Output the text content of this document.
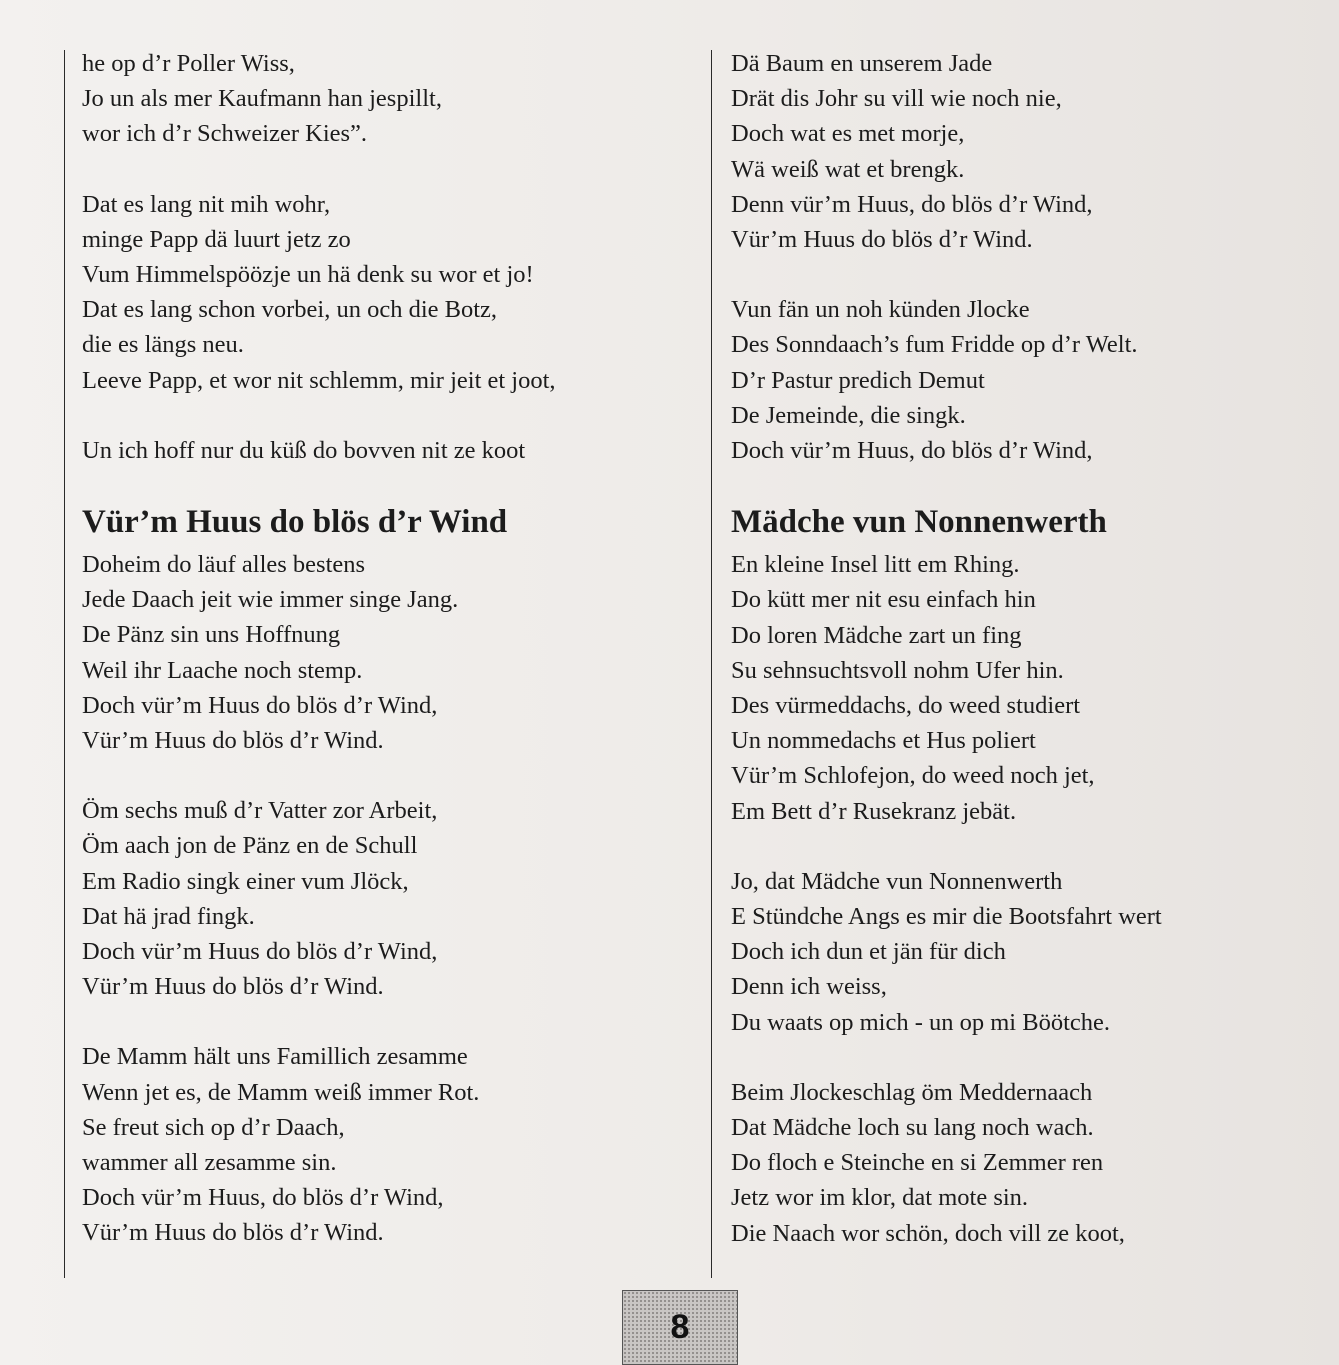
he op d’r Poller Wiss,
Jo un als mer Kaufmann han jespillt,
wor ich d’r Schweizer Kies”.
Dat es lang nit mih wohr,
minge Papp dä luurt jetz zo
Vum Himmelspöözje un hä denk su wor et jo!
Dat es lang schon vorbei, un och die Botz,
die es längs neu.
Leeve Papp, et wor nit schlemm, mir jeit et joot,
Un ich hoff nur du küß do bovven nit ze koot
Vür’m Huus do blös d’r Wind
Doheim do läuf alles bestens
Jede Daach jeit wie immer singe Jang.
De Pänz sin uns Hoffnung
Weil ihr Laache noch stemp.
Doch vür’m Huus do blös d’r Wind,
Vür’m Huus do blös d’r Wind.
Öm sechs muß d’r Vatter zor Arbeit,
Öm aach jon de Pänz en de Schull
Em Radio singk einer vum Jlöck,
Dat hä jrad fingk.
Doch vür’m Huus do blös d’r Wind,
Vür’m Huus do blös d’r Wind.
De Mamm hält uns Famillich zesamme
Wenn jet es, de Mamm weiß immer Rot.
Se freut sich op d’r Daach,
wammer all zesamme sin.
Doch vür’m Huus, do blös d’r Wind,
Vür’m Huus do blös d’r Wind.
Dä Baum en unserem Jade
Drät dis Johr su vill wie noch nie,
Doch wat es met morje,
Wä weiß wat et brengk.
Denn vür’m Huus, do blös d’r Wind,
Vür’m Huus do blös d’r Wind.
Vun fän un noh künden Jlocke
Des Sonndaach’s fum Fridde op d’r Welt.
D’r Pastur predich Demut
De Jemeinde, die singk.
Doch vür’m Huus, do blös d’r Wind,
Mädche vun Nonnenwerth
En kleine Insel litt em Rhing.
Do kütt mer nit esu einfach hin
Do loren Mädche zart un fing
Su sehnsuchtsvoll nohm Ufer hin.
Des vürmeddachs, do weed studiert
Un nommedachs et Hus poliert
Vür’m Schlofejon, do weed noch jet,
Em Bett d’r Rusekranz jebät.
Jo, dat Mädche vun Nonnenwerth
E Stündche Angs es mir die Bootsfahrt wert
Doch ich dun et jän für dich
Denn ich weiss,
Du waats op mich - un op mi Böötche.
Beim Jlockeschlag öm Meddernaach
Dat Mädche loch su lang noch wach.
Do floch e Steinche en si Zemmer ren
Jetz wor im klor, dat mote sin.
Die Naach wor schön, doch vill ze koot,
8
